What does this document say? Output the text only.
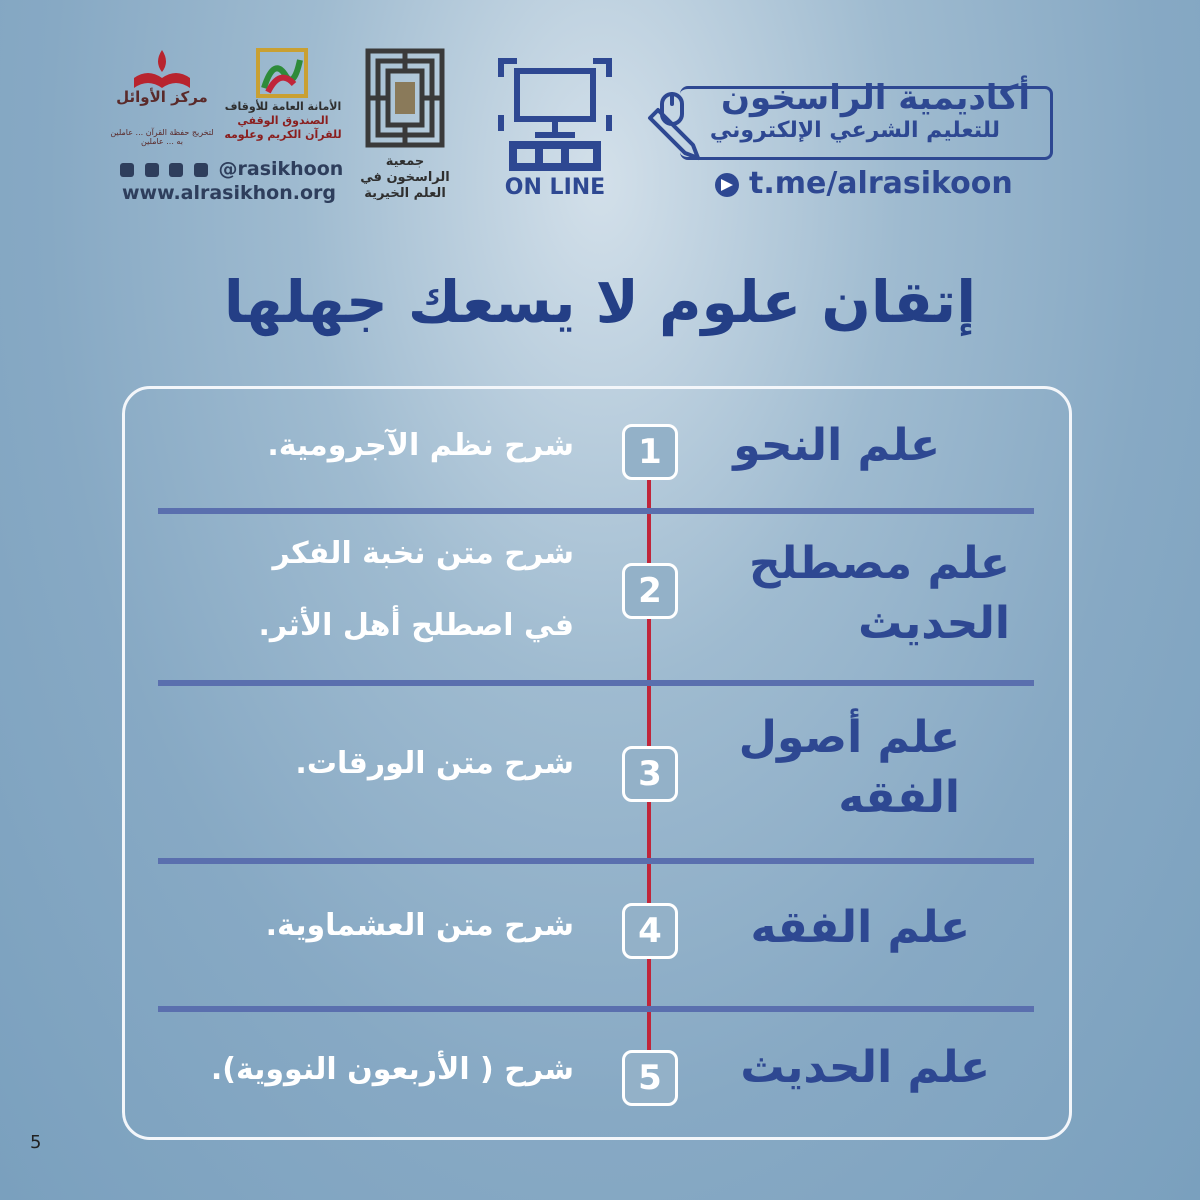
أكاديمية الراسخون
للتعليم الشرعي الإلكتروني
t.me/alrasikoon
ON LINE
جمعية الراسخون في العلم الخيرية
الأمانة العامة للأوقاف
الصندوق الوقفي للقرآن الكريم وعلومه
مركز الأوائل
لتخريج حفظة القرآن ... عاملين به ... عاملين
@rasikhoon
www.alrasikhon.org
إتقان علوم لا يسعك جهلها
علم النحو
1
شرح نظم الآجرومية.
علم مصطلح الحديث
2
شرح متن نخبة الفكر
في اصطلح أهل الأثر.
علم أصول الفقه
3
شرح متن الورقات.
علم الفقه
4
شرح متن العشماوية.
علم الحديث
5
شرح ( الأربعون النووية).
5
